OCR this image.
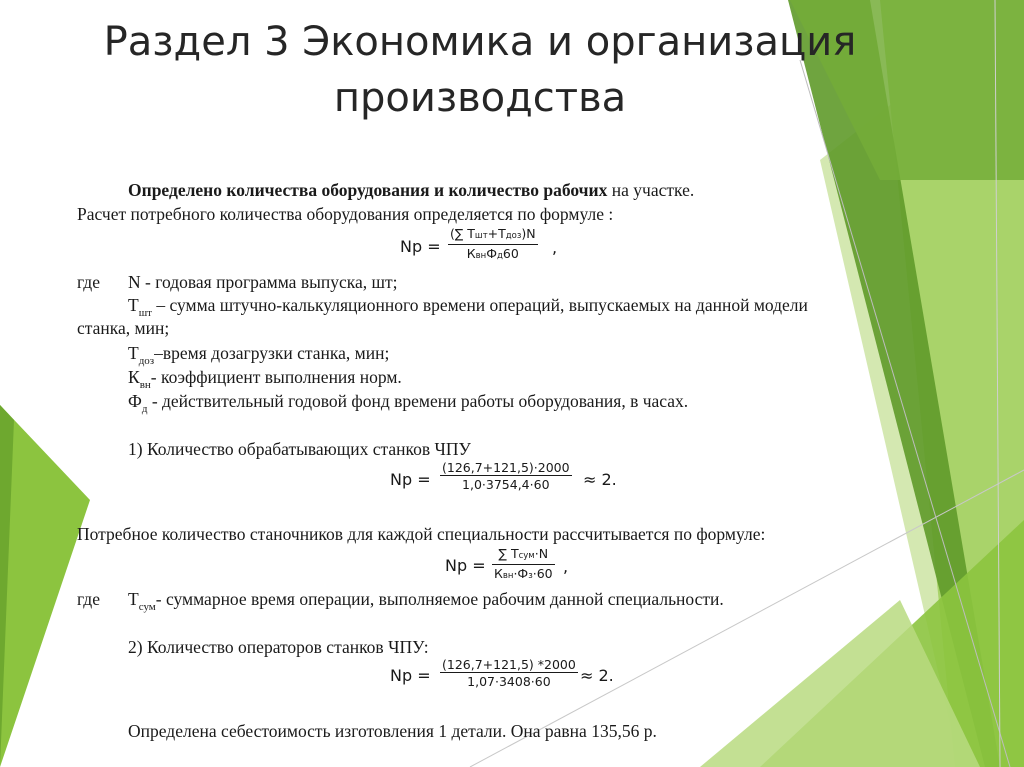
Раздел 3 Экономика и организация
производства
Определено количества оборудования и количество рабочих на участке.
Расчет потребного количества оборудования определяется по формуле :
Nр =
(∑ Tшт+Tдоз)N
КвнФд60	,
где N - годовая программа выпуска, шт;
$Т_{шт}$ – сумма штучно-калькуляционного времени операций, выпускаемых на данной модели
станка, мин;
$Т_{доз}$–время дозагрузки станка, мин;
$К_{вн}-$ коэффициент выполнения норм.
$Ф_д$ - действительный годовой фонд времени работы оборудования, в часах.
1) Количество обрабатывающих станков ЧПУ
Nр = $\frac{(126,7+121,5)\cdot 2000}{1,0\cdot 3754,4\cdot 60} \approx 2$.
Потребное количество станочников для каждой специальности рассчитывается по формуле:
Nр =
∑ Tсум·N
Квн·Фз·60 ,
где $Т_{сум}-$ суммарное время операции, выполняемое рабочим данной специальности.
2) Количество операторов станков ЧПУ:
Nр = $\frac{(126,7+121,5) *2000}{1,07\cdot 3408\cdot 60} \approx 2$.
Определена себестоимость изготовления 1 детали. Она равна 135,56 р.
